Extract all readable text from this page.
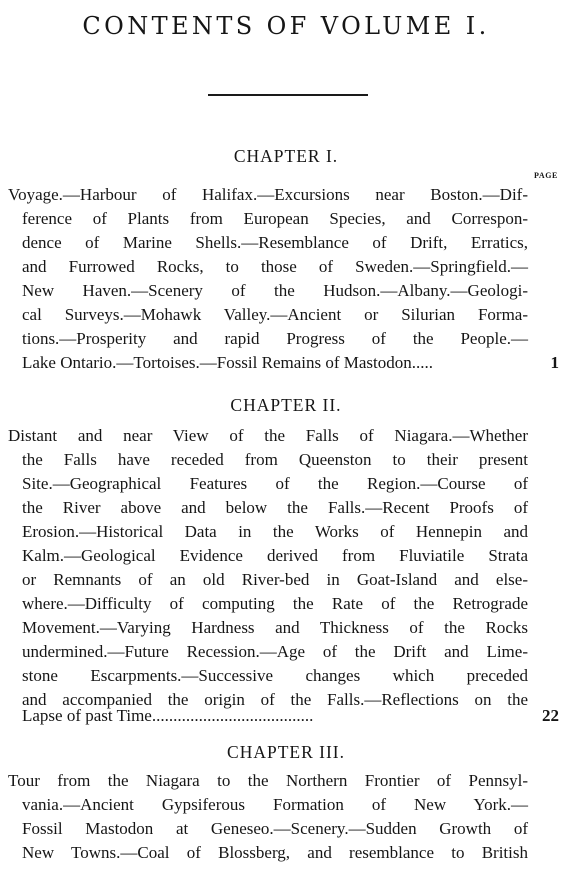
CONTENTS OF VOLUME I.
CHAPTER I.
PAGE
Voyage.—Harbour of Halifax.—Excursions near Boston.—Dif-
ference of Plants from European Species, and Correspon-
dence of Marine Shells.—Resemblance of Drift, Erratics,
and Furrowed Rocks, to those of Sweden.—Springfield.—
New Haven.—Scenery of the Hudson.—Albany.—Geologi-
cal Surveys.—Mohawk Valley.—Ancient or Silurian Forma-
tions.—Prosperity and rapid Progress of the People.—
Lake Ontario.—Tortoises.—Fossil Remains of Mastodon.....	1
CHAPTER II.
Distant and near View of the Falls of Niagara.—Whether
the Falls have receded from Queenston to their present
Site.—Geographical Features of the Region.—Course of
the River above and below the Falls.—Recent Proofs of
Erosion.—Historical Data in the Works of Hennepin and
Kalm.—Geological Evidence derived from Fluviatile Strata
or Remnants of an old River-bed in Goat-Island and else-
where.—Difficulty of computing the Rate of the Retrograde
Movement.—Varying Hardness and Thickness of the Rocks
undermined.—Future Recession.—Age of the Drift and Lime-
stone Escarpments.—Successive changes which preceded
and accompanied the origin of the Falls.—Reflections on the
Lapse of past Time......................................	22
CHAPTER III.
Tour from the Niagara to the Northern Frontier of Pennsyl-
vania.—Ancient Gypsiferous Formation of New York.—
Fossil Mastodon at Geneseo.—Scenery.—Sudden Growth of
New Towns.—Coal of Blossberg, and resemblance to British
